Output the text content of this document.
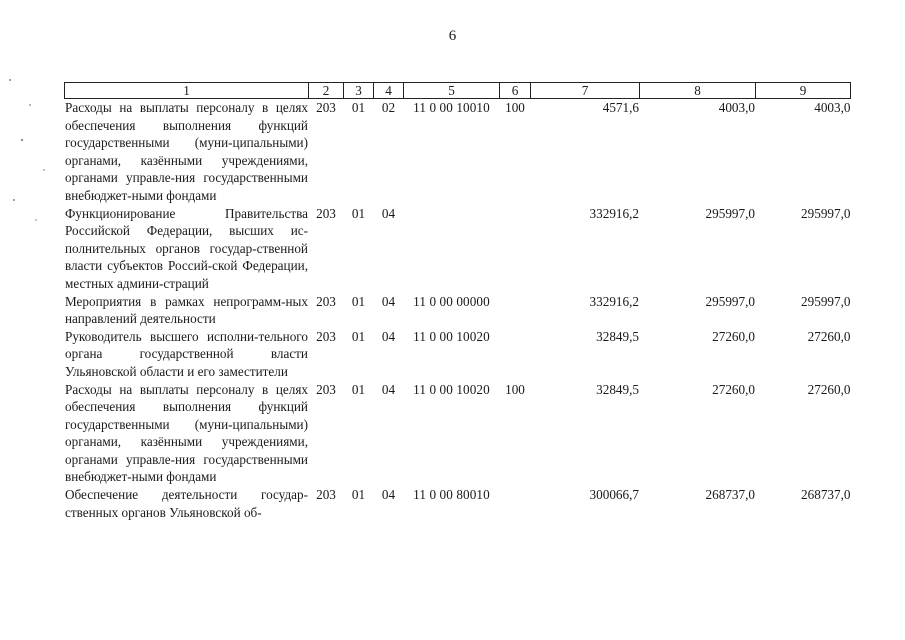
6
1	2	3	4	5	6	7	8	9
Расходы на выплаты персоналу в целях обеспечения выполнения функций государственными (муни-ципальными) органами, казёнными учреждениями, органами управле-ния государственными внебюджет-ными фондами	203	01	02	11 0 00 10010	100	4571,6	4003,0	4003,0
Функционирование Правительства Российской Федерации, высших ис-полнительных органов государ-ственной власти субъектов Россий-ской Федерации, местных админи-страций	203	01	04			332916,2	295997,0	295997,0
Мероприятия в рамках непрограмм-ных направлений деятельности	203	01	04	11 0 00 00000		332916,2	295997,0	295997,0
Руководитель высшего исполни-тельного органа государственной власти Ульяновской области и его заместители	203	01	04	11 0 00 10020		32849,5	27260,0	27260,0
Расходы на выплаты персоналу в целях обеспечения выполнения функций государственными (муни-ципальными) органами, казёнными учреждениями, органами управле-ния государственными внебюджет-ными фондами	203	01	04	11 0 00 10020	100	32849,5	27260,0	27260,0
Обеспечение деятельности государ-ственных органов Ульяновской об-	203	01	04	11 0 00 80010		300066,7	268737,0	268737,0
